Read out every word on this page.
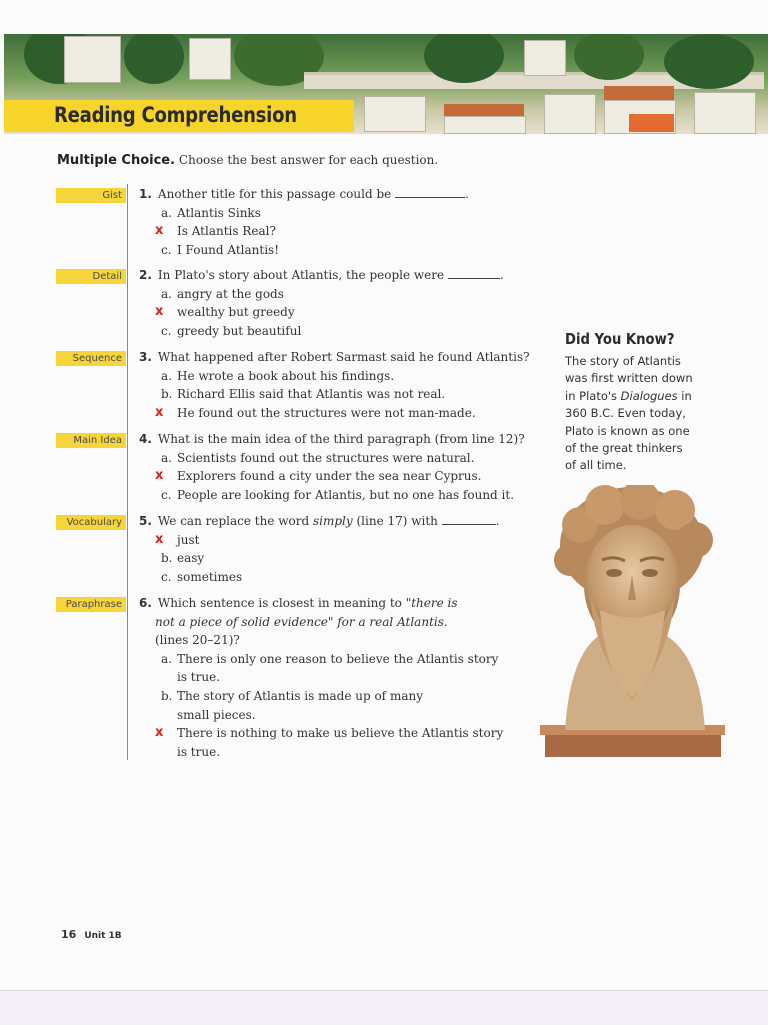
Reading Comprehension
Multiple Choice. Choose the best answer for each question.
Gist	1. Another title for this passage could be	.
a. Atlantis Sinks
x Is Atlantis Real?
c. I Found Atlantis!
Detail	2. In Plato's story about Atlantis, the people were	.
a. angry at the gods
x wealthy but greedy
c. greedy but beautiful
Sequence	3. What happened after Robert Sarmast said he found Atlantis?
a. He wrote a book about his findings.
b. Richard Ellis said that Atlantis was not real.
x He found out the structures were not man-made.
Main Idea	4. What is the main idea of the third paragraph (from line 12)?
a. Scientists found out the structures were natural.
x Explorers found a city under the sea near Cyprus.
c. People are looking for Atlantis, but no one has found it.
Vocabulary	5. We can replace the word simply (line 17) with	.
x just
b. easy
c. sometimes
Paraphrase	6. Which sentence is closest in meaning to "there is
not a piece of solid evidence" for a real Atlantis.
(lines 20–21)?
a. There is only one reason to believe the Atlantis story
is true.
b. The story of Atlantis is made up of many
small pieces.
x There is nothing to make us believe the Atlantis story
is true.
Did You Know?
The story of Atlantis
was first written down
in Plato's Dialogues in
360 B.C. Even today,
Plato is known as one
of the great thinkers
of all time.
16 Unit 1B
